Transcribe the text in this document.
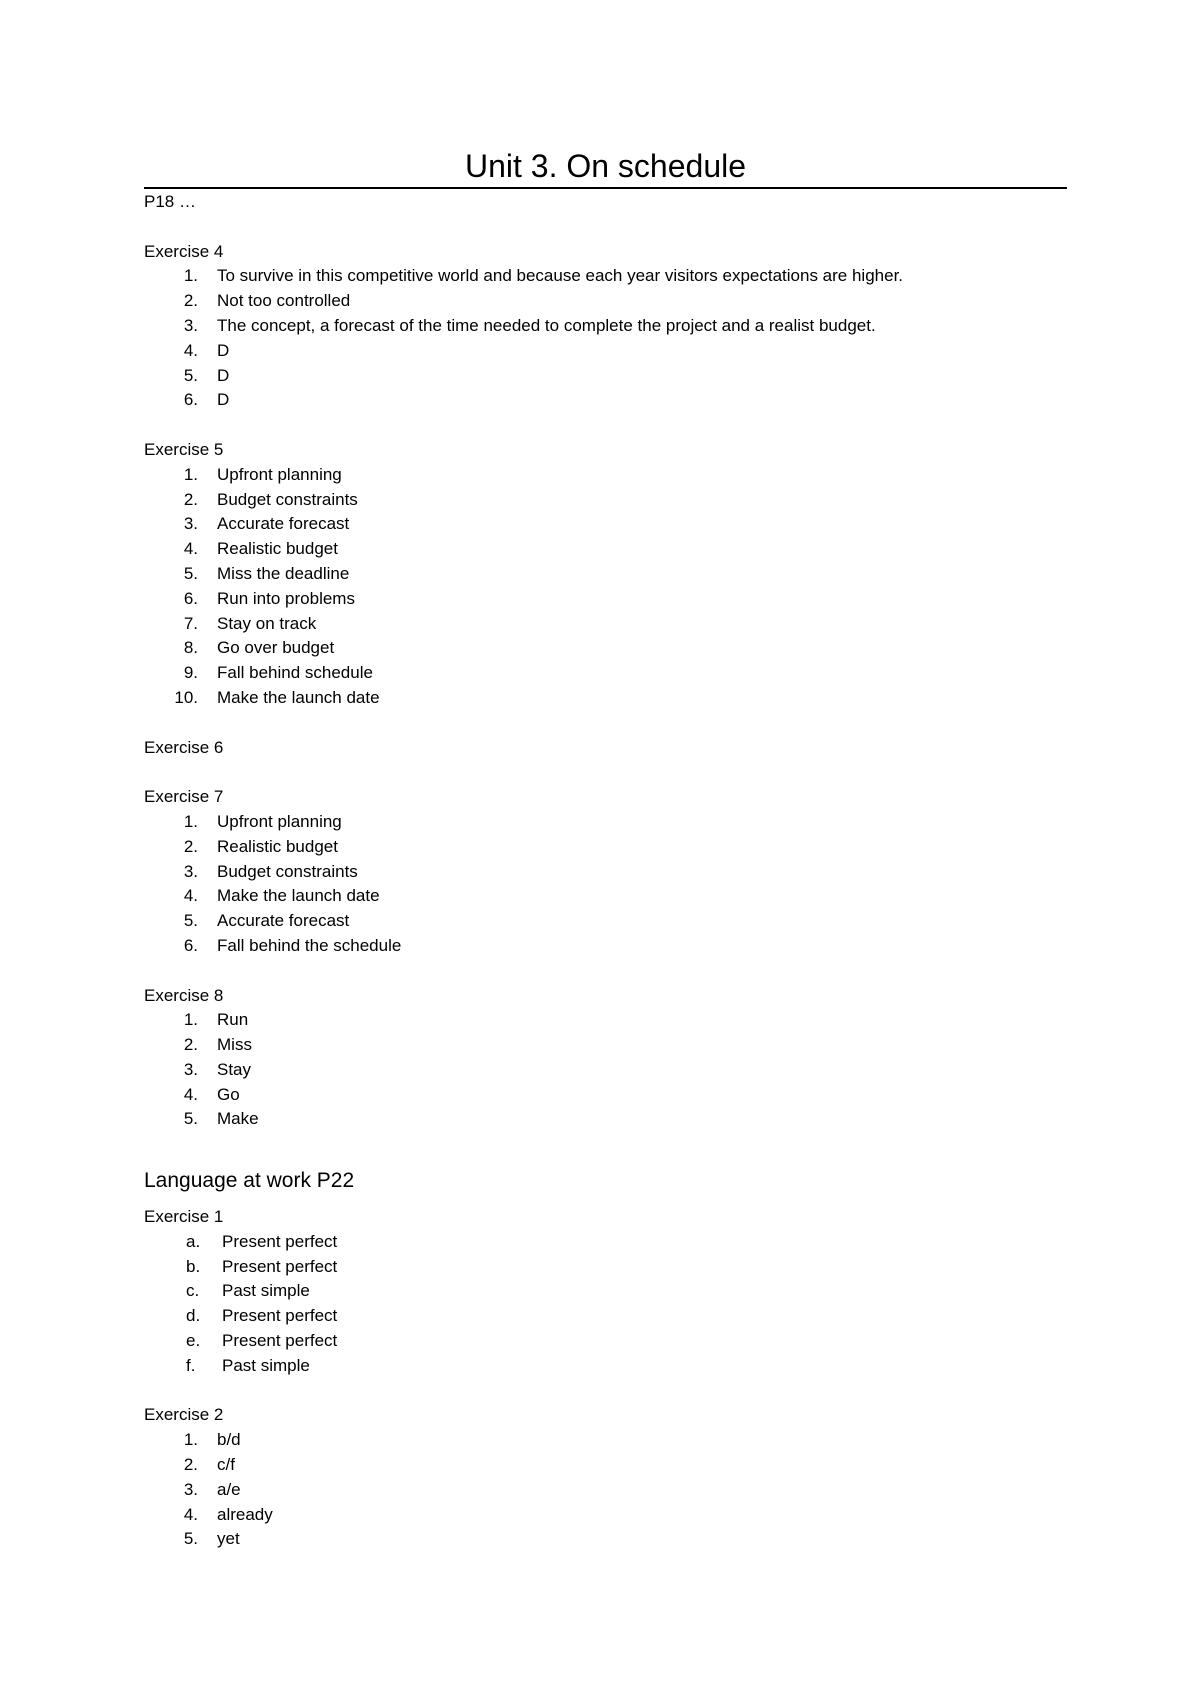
Unit 3. On schedule
P18 …
Exercise 4
1. To survive in this competitive world and because each year visitors expectations are higher.
2. Not too controlled
3. The concept, a forecast of the time needed to complete the project and a realist budget.
4. D
5. D
6. D
Exercise 5
1. Upfront planning
2. Budget constraints
3. Accurate forecast
4. Realistic budget
5. Miss the deadline
6. Run into problems
7. Stay on track
8. Go over budget
9. Fall behind schedule
10. Make the launch date
Exercise 6
Exercise 7
1. Upfront planning
2. Realistic budget
3. Budget constraints
4. Make the launch date
5. Accurate forecast
6. Fall behind the schedule
Exercise 8
1. Run
2. Miss
3. Stay
4. Go
5. Make
Language at work P22
Exercise 1
a.	Present perfect
b.	Present perfect
c.	Past simple
d.	Present perfect
e.	Present perfect
f.	Past simple
Exercise 2
1. b/d
2. c/f
3. a/e
4. already
5. yet
